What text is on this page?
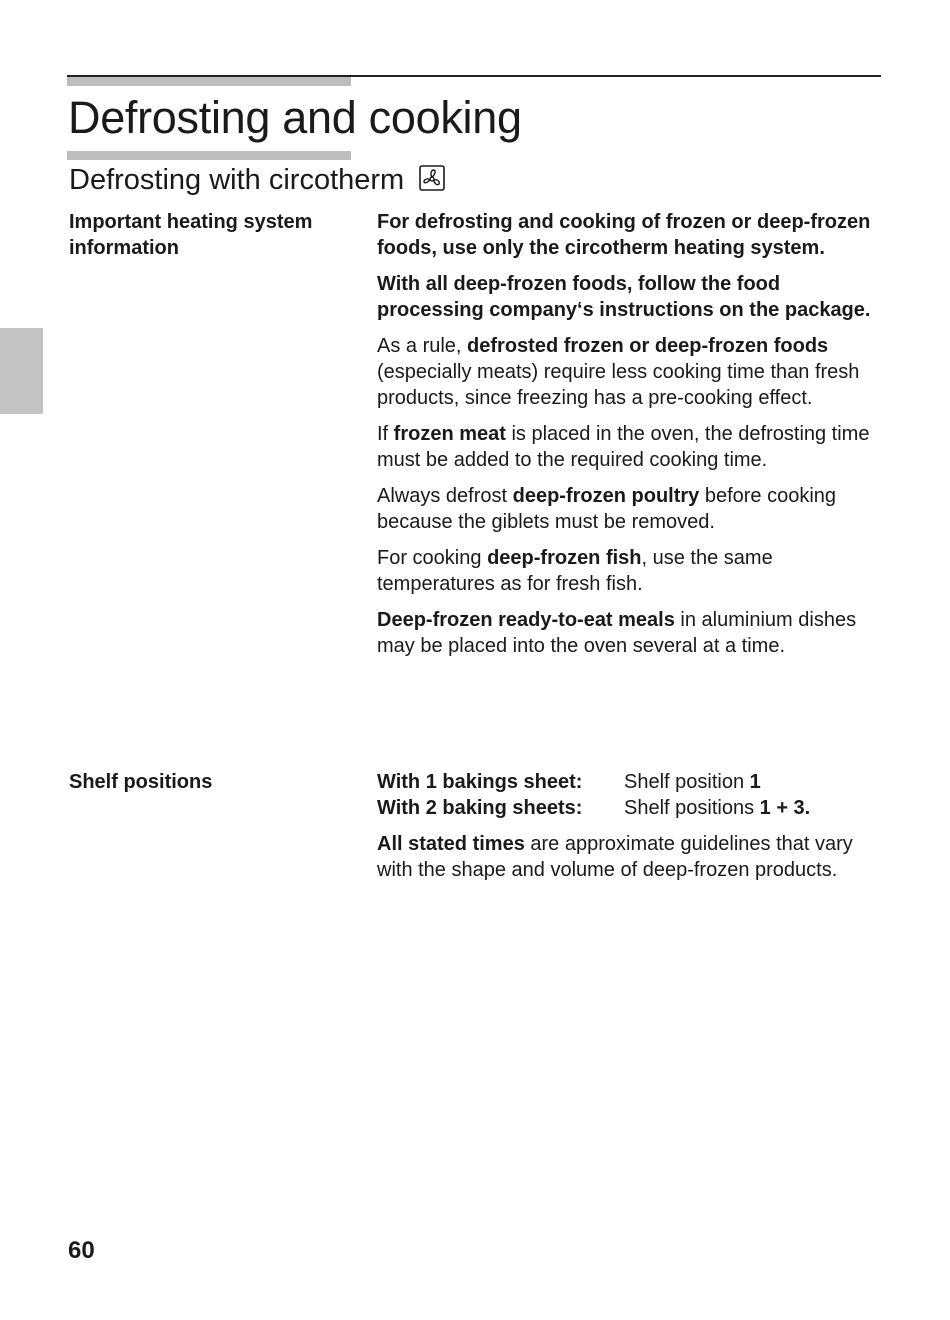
Defrosting and cooking
Defrosting with circotherm
Important heating system information

For defrosting and cooking of frozen or deep-frozen foods, use only the circotherm heating system.

With all deep-frozen foods, follow the food processing company‘s instructions on the package.

As a rule, defrosted frozen or deep-frozen foods (especially meats) require less cooking time than fresh products, since freezing has a pre-cooking effect.

If frozen meat is placed in the oven, the defrosting time must be added to the required cooking time.

Always defrost deep-frozen poultry before cooking because the giblets must be removed.

For cooking deep-frozen fish, use the same temperatures as for fresh fish.

Deep-frozen ready-to-eat meals in aluminium dishes may be placed into the oven several at a time.

Shelf positions	With 1 bakings sheet:	Shelf position 1
With 2 baking sheets:	Shelf positions 1 + 3.

All stated times are approximate guidelines that vary with the shape and volume of deep-frozen products.

60
